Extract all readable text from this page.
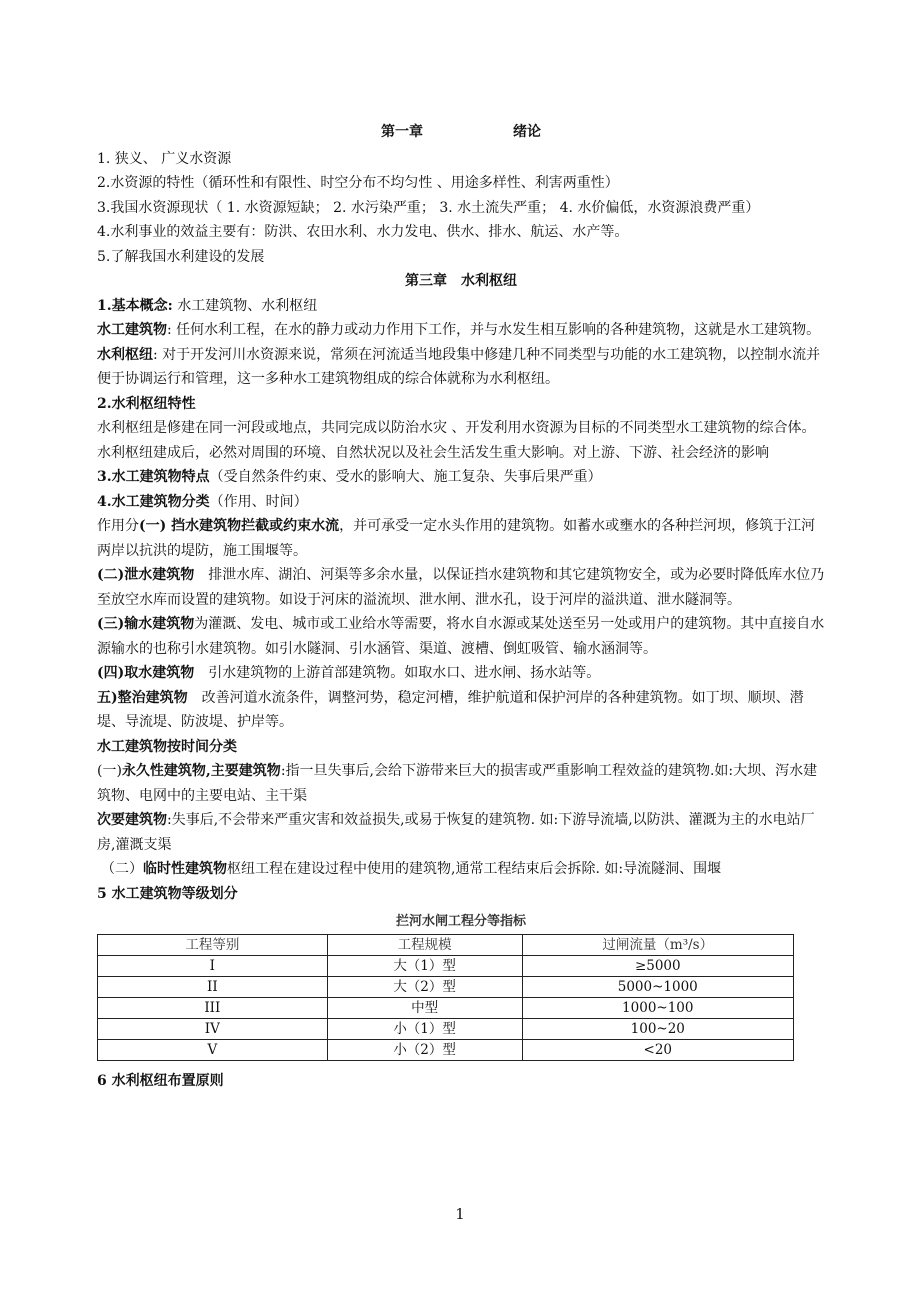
第一章	绪论

1. 狭义、 广义水资源

2.水资源的特性（循环性和有限性、时空分布不均匀性 、用途多样性、利害两重性）

3.我国水资源现状（ 1. 水资源短缺； 2. 水污染严重； 3. 水土流失严重； 4. 水价偏低，水资源浪费严重）

4.水利事业的效益主要有：防洪、农田水利、水力发电、供水、排水、航运、水产等。

5.了解我国水利建设的发展

第三章 水利枢纽

1.基本概念: 水工建筑物、水利枢纽

水工建筑物: 任何水利工程，在水的静力或动力作用下工作，并与水发生相互影响的各种建筑物，这就是水工建筑物。

水利枢纽: 对于开发河川水资源来说，常须在河流适当地段集中修建几种不同类型与功能的水工建筑物，以控制水流并便于协调运行和管理，这一多种水工建筑物组成的综合体就称为水利枢纽。

2.水利枢纽特性

水利枢纽是修建在同一河段或地点，共同完成以防治水灾 、开发利用水资源为目标的不同类型水工建筑物的综合体。 水利枢纽建成后，必然对周围的环境、自然状况以及社会生活发生重大影响。对上游、下游、社会经济的影响

3.水工建筑物特点（受自然条件约束、受水的影响大、施工复杂、失事后果严重）

4.水工建筑物分类（作用、时间）

作用分(一) 挡水建筑物拦截或约束水流，并可承受一定水头作用的建筑物。如蓄水或壅水的各种拦河坝，修筑于江河两岸以抗洪的堤防，施工围堰等。

(二)泄水建筑物　排泄水库、湖泊、河渠等多余水量，以保证挡水建筑物和其它建筑物安全，或为必要时降低库水位乃至放空水库而设置的建筑物。如设于河床的溢流坝、泄水闸、泄水孔，设于河岸的溢洪道、泄水隧洞等。

(三)输水建筑物为灌溉、发电、城市或工业给水等需要，将水自水源或某处送至另一处或用户的建筑物。其中直接自水源输水的也称引水建筑物。如引水隧洞、引水涵管、渠道、渡槽、倒虹吸管、输水涵洞等。

(四)取水建筑物　引水建筑物的上游首部建筑物。如取水口、进水闸、扬水站等。

五)整治建筑物　改善河道水流条件，调整河势，稳定河槽，维护航道和保护河岸的各种建筑物。如丁坝、顺坝、潜堤、导流堤、防波堤、护岸等。

水工建筑物按时间分类

(一)永久性建筑物,主要建筑物:指一旦失事后,会给下游带来巨大的损害或严重影响工程效益的建筑物.如:大坝、泻水建筑物、电网中的主要电站、主干渠

次要建筑物:失事后,不会带来严重灾害和效益损失,或易于恢复的建筑物. 如:下游导流墙,以防洪、灌溉为主的水电站厂房,灌溉支渠

（二）临时性建筑物枢纽工程在建设过程中使用的建筑物,通常工程结束后会拆除. 如:导流隧洞、围堰

5 水工建筑物等级划分

拦河水闸工程分等指标

工程等别	工程规模	过闸流量（m³/s）
I	大（1）型	≥5000
II	大（2）型	5000~1000
III	中型	1000~100
IV	小（1）型	100~20
V	小（2）型	<20

6 水利枢纽布置原则

1
